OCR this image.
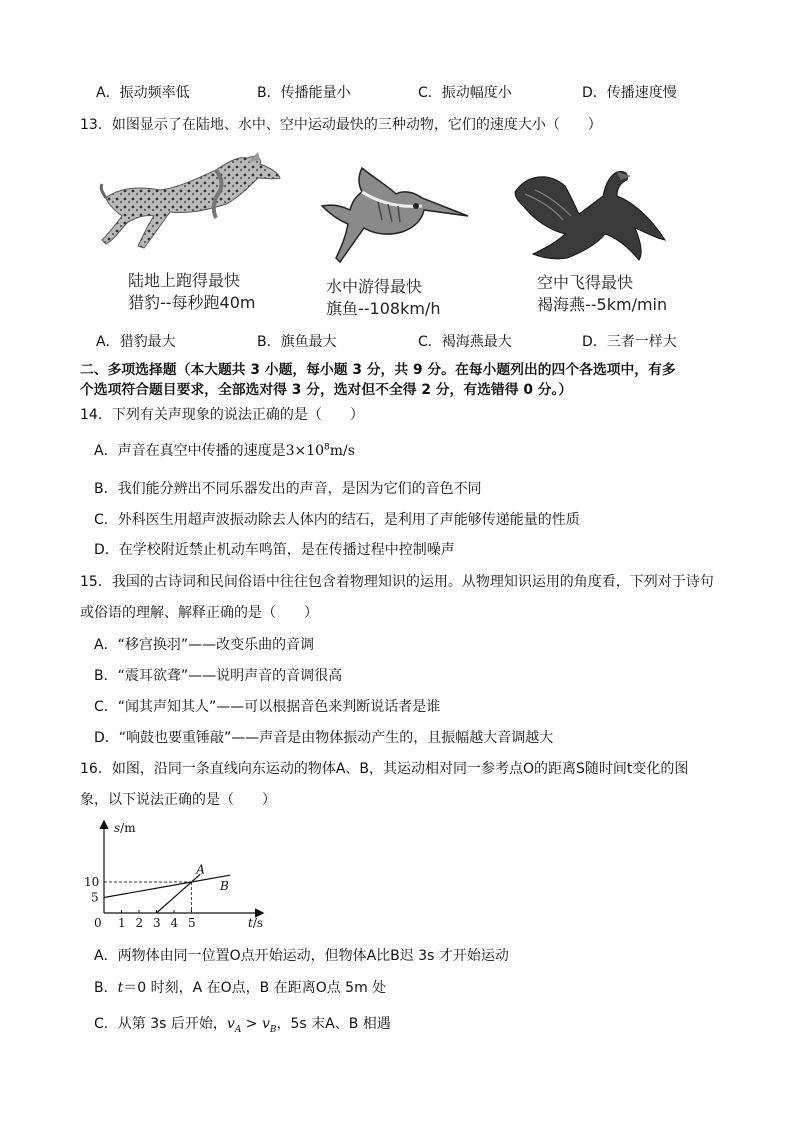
A．振动频率低	B．传播能量小	C．振动幅度小	D．传播速度慢
13．如图显示了在陆地、水中、空中运动最快的三种动物，它们的速度大小（　　）
陆地上跑得最快
猎豹--每秒跑40m
水中游得最快
旗鱼--108km/h
空中飞得最快
褐海燕--5km/min
A．猎豹最大	B．旗鱼最大	C．褐海燕最大	D．三者一样大
二、多项选择题（本大题共 3 小题，每小题 3 分，共 9 分。在每小题列出的四个各选项中，有多
个选项符合题目要求，全部选对得 3 分，选对但不全得 2 分，有选错得 0 分。）
14．下列有关声现象的说法正确的是（　　）
A．声音在真空中传播的速度是$3\times 10^8m/s$
B．我们能分辨出不同乐器发出的声音，是因为它们的音色不同
C．外科医生用超声波振动除去人体内的结石，是利用了声能够传递能量的性质
D．在学校附近禁止机动车鸣笛，是在传播过程中控制噪声
15．我国的古诗词和民间俗语中往往包含着物理知识的运用。从物理知识运用的角度看，下列对于诗句
或俗语的理解、解释正确的是（　　）
A．“移宫换羽”——改变乐曲的音调
B．“震耳欲聋”——说明声音的音调很高
C．“闻其声知其人”——可以根据音色来判断说话者是谁
D．“响鼓也要重锤敲”——声音是由物体振动产生的，且振幅越大音调越大
16．如图，沿同一条直线向东运动的物体A、B，其运动相对同一参考点O的距离S随时间t变化的图
象，以下说法正确的是（　　）
0 1 2 3 4 5
5
10
A
B
s/m
t/s
A．两物体由同一位置O点开始运动，但物体A比B迟 3s 才开始运动
B．t＝0 时刻，A 在O点，B 在距离O点 5m 处
C．从第 3s 后开始，$v_A > v_B$，5s 末A、B 相遇
